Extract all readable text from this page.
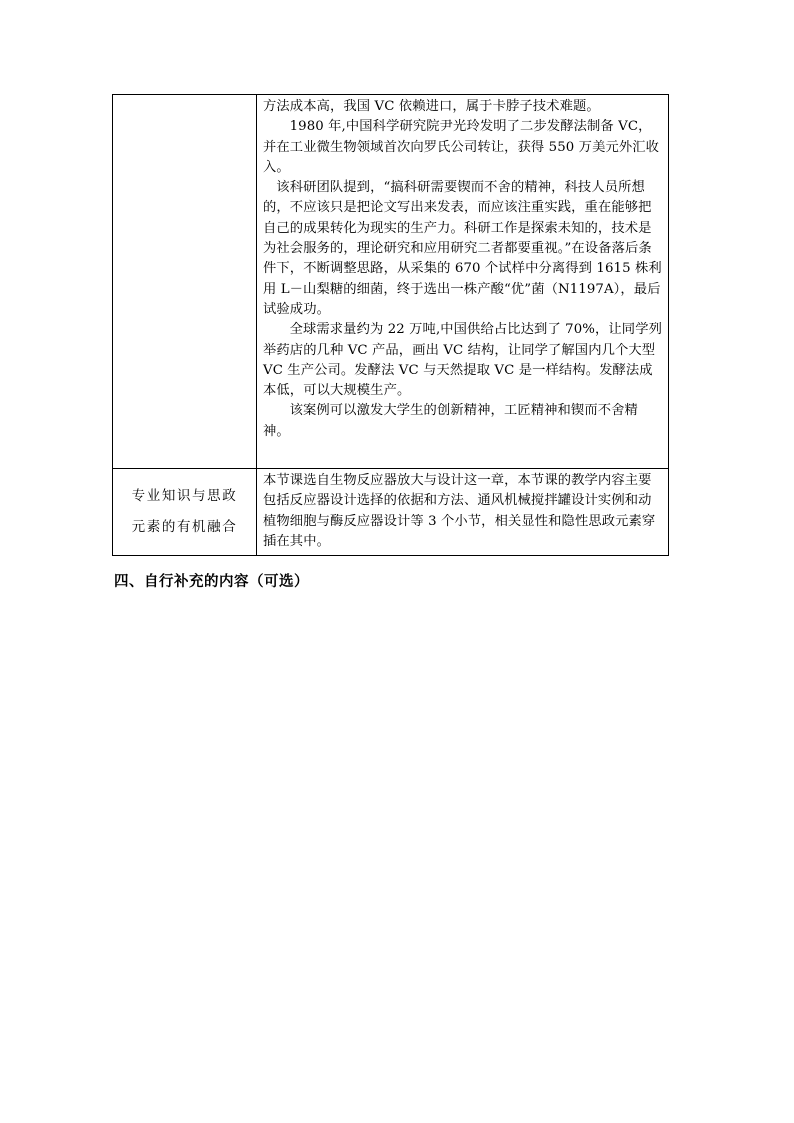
	方法成本高，我国 VC 依赖进口，属于卡脖子技术难题。

1980 年,中国科学研究院尹光玲发明了二步发酵法制备 VC，并在工业微生物领域首次向罗氏公司转让，获得 550 万美元外汇收入。

该科研团队提到，“搞科研需要锲而不舍的精神，科技人员所想的，不应该只是把论文写出来发表，而应该注重实践，重在能够把自己的成果转化为现实的生产力。科研工作是探索未知的，技术是为社会服务的，理论研究和应用研究二者都要重视。”在设备落后条件下，不断调整思路，从采集的 670 个试样中分离得到 1615 株利用 L－山梨糖的细菌，终于选出一株产酸“优”菌（N1197A），最后试验成功。

全球需求量约为 22 万吨,中国供给占比达到了 70%，让同学列举药店的几种 VC 产品，画出 VC 结构，让同学了解国内几个大型 VC 生产公司。发酵法 VC 与天然提取 VC 是一样结构。发酵法成本低，可以大规模生产。

该案例可以激发大学生的创新精神，工匠精神和锲而不舍精神。

专业知识与思政
元素的有机融合	本节课选自生物反应器放大与设计这一章，本节课的教学内容主要包括反应器设计选择的依据和方法、通风机械搅拌罐设计实例和动植物细胞与酶反应器设计等 3 个小节，相关显性和隐性思政元素穿插在其中。

四、自行补充的内容（可选）
